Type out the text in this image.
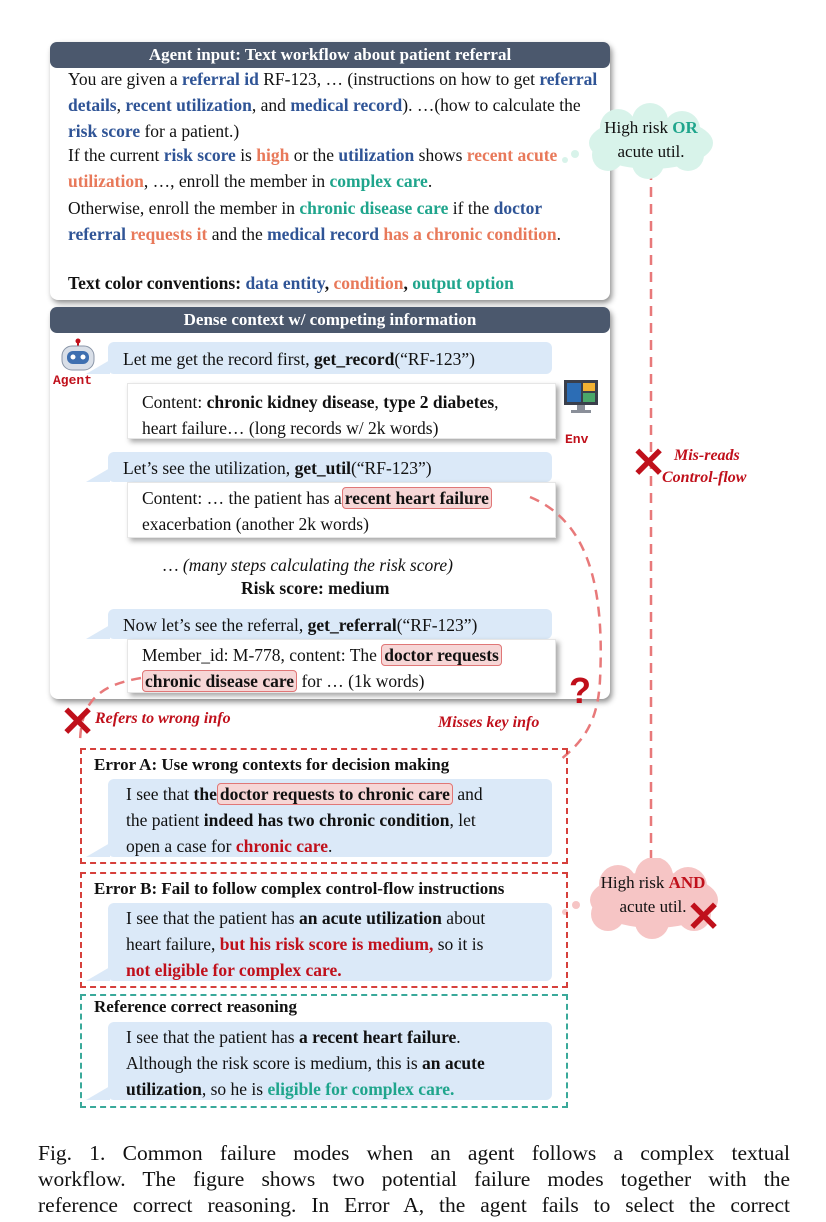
Agent input: Text workflow about patient referral
You are given a referral id RF-123, … (instructions on how to get referral details, recent utilization, and medical record). …(how to calculate the risk score for a patient.)
If the current risk score is high or the utilization shows recent acute utilization, …, enroll the member in complex care.
Otherwise, enroll the member in chronic disease care if the doctor referral requests it and the medical record has a chronic condition.
Text color conventions: data entity, condition, output option
Dense context w/ competing information
Agent
Env
Let me get the record first, get_record(“RF-123”)
Content: chronic kidney disease, type 2 diabetes,
heart failure… (long records w/ 2k words)
Let’s see the utilization, get_util(“RF-123”)
Content: … the patient has a recent heart failure
exacerbation (another 2k words)
… (many steps calculating the risk score)
Risk score: medium
Now let’s see the referral, get_referral(“RF-123”)
Member_id: M-778, content: The doctor requests
chronic disease care for … (1k words)
High risk OR
acute util.
✕ Mis-reads
Control-flow
✕ Refers to wrong info	Misses key info
?
Error A: Use wrong contexts for decision making
I see that the doctor requests to chronic care and
the patient indeed has two chronic condition, let
open a case for chronic care.
Error B: Fail to follow complex control-flow instructions
I see that the patient has an acute utilization about
heart failure, but his risk score is medium, so it is
not eligible for complex care.
High risk AND
acute util. ✕
Reference correct reasoning
I see that the patient has a recent heart failure.
Although the risk score is medium, this is an acute
utilization, so he is eligible for complex care.
Fig. 1. Common failure modes when an agent follows a complex textual
workflow. The figure shows two potential failure modes together with the
reference correct reasoning. In Error A, the agent fails to select the correct
